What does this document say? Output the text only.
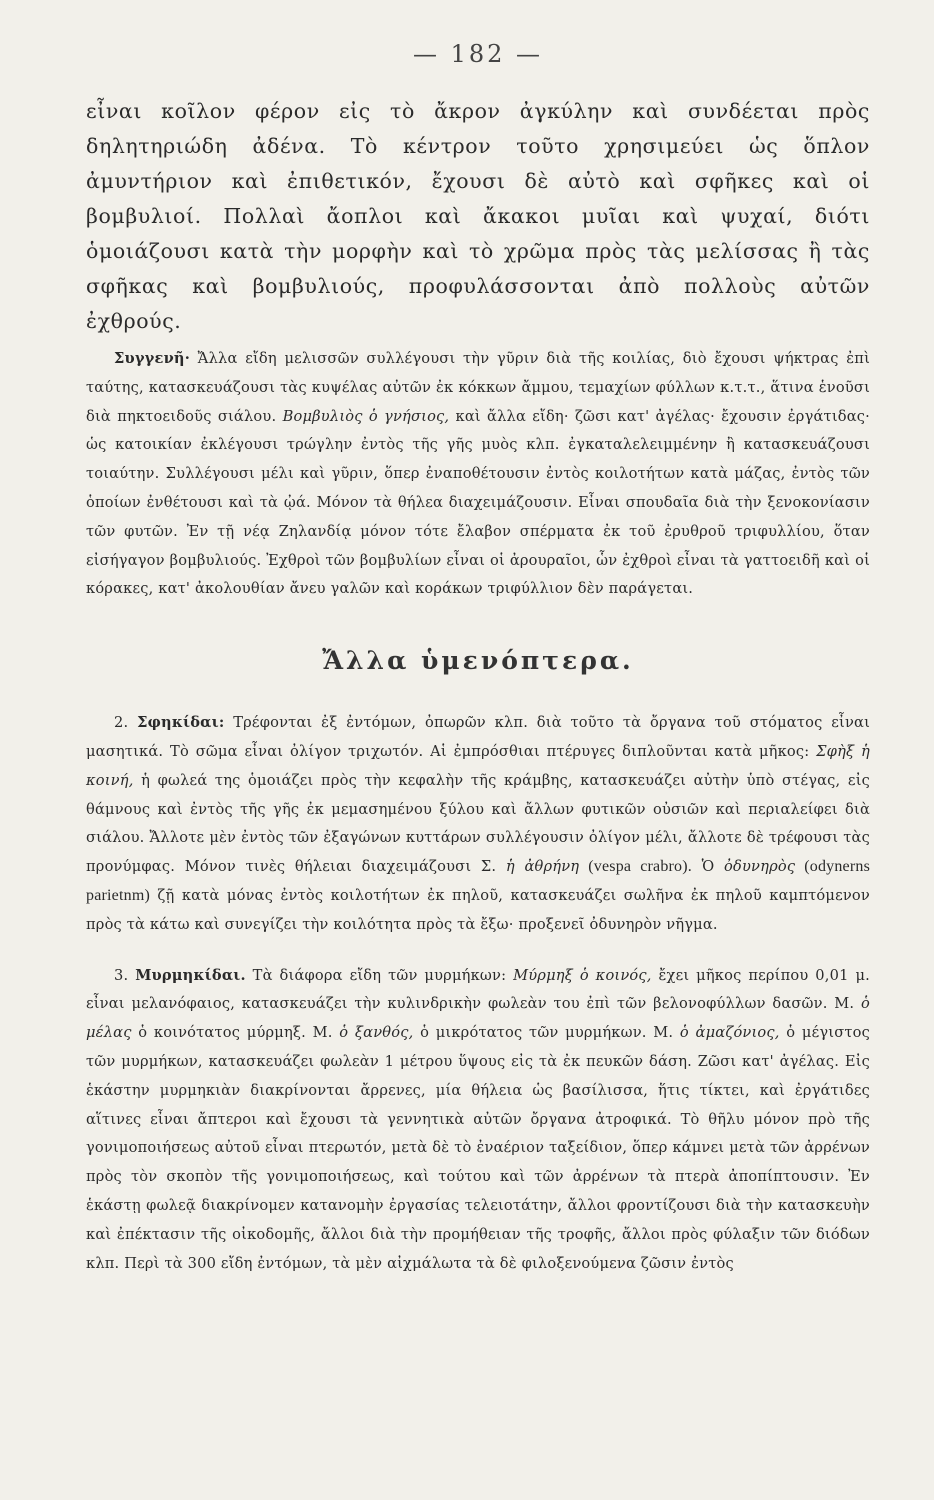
— 182 —

εἶναι κοῖλον φέρον εἰς τὸ ἄκρον ἀγκύλην καὶ συνδέεται πρὸς δηλητηριώδη ἀδένα. Τὸ κέντρον τοῦτο χρησιμεύει ὡς ὅπλον ἀμυντήριον καὶ ἐπιθετικόν, ἔχουσι δὲ αὐτὸ καὶ σφῆκες καὶ οἱ βομβυλιοί. Πολλαὶ ἄοπλοι καὶ ἄκακοι μυῖαι καὶ ψυχαί, διότι ὁμοιάζουσι κατὰ τὴν μορφὴν καὶ τὸ χρῶμα πρὸς τὰς μελίσσας ἢ τὰς σφῆκας καὶ βομβυλιούς, προφυλάσσονται ἀπὸ πολλοὺς αὐτῶν ἐχθρούς.

Συγγενῆ· Ἄλλα εἴδη μελισσῶν συλλέγουσι τὴν γῦριν διὰ τῆς κοιλίας, διὸ ἔχουσι ψήκτρας ἐπὶ ταύτης, κατασκευάζουσι τὰς κυψέλας αὐτῶν ἐκ κόκκων ἄμμου, τεμαχίων φύλλων κ.τ.τ., ἅτινα ἑνοῦσι διὰ πηκτοειδοῦς σιάλου. Βομβυλιὸς ὁ γνήσιος, καὶ ἄλλα εἴδη· ζῶσι κατ' ἀγέλας· ἔχουσιν ἐργάτιδας· ὡς κατοικίαν ἐκλέγουσι τρώγλην ἐντὸς τῆς γῆς μυὸς κλπ. ἐγκαταλελειμμένην ἢ κατασκευάζουσι τοιαύτην. Συλλέγουσι μέλι καὶ γῦριν, ὅπερ ἐναποθέτουσιν ἐντὸς κοιλοτήτων κατὰ μάζας, ἐντὸς τῶν ὁποίων ἐνθέτουσι καὶ τὰ ᾠά. Μόνον τὰ θήλεα διαχειμάζουσιν. Εἶναι σπουδαῖα διὰ τὴν ξενοκονίασιν τῶν φυτῶν. Ἐν τῇ νέᾳ Ζηλανδίᾳ μόνον τότε ἔλαβον σπέρματα ἐκ τοῦ ἐρυθροῦ τριφυλλίου, ὅταν εἰσήγαγον βομβυλιούς. Ἐχθροὶ τῶν βομβυλίων εἶναι οἱ ἀρουραῖοι, ὧν ἐχθροὶ εἶναι τὰ γαττοειδῆ καὶ οἱ κόρακες, κατ' ἀκολουθίαν ἄνευ γαλῶν καὶ κοράκων τριφύλλιον δὲν παράγεται.

Ἄλλα ὑμενόπτερα.

2. Σφηκίδαι: Τρέφονται ἐξ ἐντόμων, ὀπωρῶν κλπ. διὰ τοῦτο τὰ ὄργανα τοῦ στόματος εἶναι μασητικά. Τὸ σῶμα εἶναι ὀλίγον τριχωτόν. Αἱ ἐμπρόσθιαι πτέρυγες διπλοῦνται κατὰ μῆκος: Σφὴξ ἡ κοινή, ἡ φωλεά της ὁμοιάζει πρὸς τὴν κεφαλὴν τῆς κράμβης, κατασκευάζει αὐτὴν ὑπὸ στέγας, εἰς θάμνους καὶ ἐντὸς τῆς γῆς ἐκ μεμασημένου ξύλου καὶ ἄλλων φυτικῶν οὐσιῶν καὶ περιαλείφει διὰ σιάλου. Ἄλλοτε μὲν ἐντὸς τῶν ἐξαγώνων κυττάρων συλλέγουσιν ὀλίγον μέλι, ἄλλοτε δὲ τρέφουσι τὰς προνύμφας. Μόνον τινὲς θήλειαι διαχειμάζουσι Σ. ἡ ἀθρήνη (vespa crabro). Ὁ ὀδυνηρὸς (odynerns parietnm) ζῇ κατὰ μόνας ἐντὸς κοιλοτήτων ἐκ πηλοῦ, κατασκευάζει σωλῆνα ἐκ πηλοῦ καμπτόμενον πρὸς τὰ κάτω καὶ συνεγίζει τὴν κοιλότητα πρὸς τὰ ἔξω· προξενεῖ ὀδυνηρὸν νῆγμα.

3. Μυρμηκίδαι. Τὰ διάφορα εἴδη τῶν μυρμήκων: Μύρμηξ ὁ κοινός, ἔχει μῆκος περίπου 0,01 μ. εἶναι μελανόφαιος, κατασκευάζει τὴν κυλινδρικὴν φωλεὰν του ἐπὶ τῶν βελονοφύλλων δασῶν. Μ. ὁ μέλας ὁ κοινότατος μύρμηξ. Μ. ὁ ξανθός, ὁ μικρότατος τῶν μυρμήκων. Μ. ὁ ἀμαζόνιος, ὁ μέγιστος τῶν μυρμήκων, κατασκευάζει φωλεὰν 1 μέτρου ὕψους εἰς τὰ ἐκ πευκῶν δάση. Ζῶσι κατ' ἀγέλας. Εἰς ἑκάστην μυρμηκιὰν διακρίνονται ἄρρενες, μία θήλεια ὡς βασίλισσα, ἥτις τίκτει, καὶ ἐργάτιδες αἵτινες εἶναι ἄπτεροι καὶ ἔχουσι τὰ γεννητικὰ αὐτῶν ὄργανα ἀτροφικά. Τὸ θῆλυ μόνον πρὸ τῆς γονιμοποιήσεως αὐτοῦ εἶναι πτερωτόν, μετὰ δὲ τὸ ἐναέριον ταξείδιον, ὅπερ κάμνει μετὰ τῶν ἀρρένων πρὸς τὸν σκοπὸν τῆς γονιμοποιήσεως, καὶ τούτου καὶ τῶν ἀρρένων τὰ πτερὰ ἀποπίπτουσιν. Ἐν ἑκάστῃ φωλεᾷ διακρίνομεν κατανομὴν ἐργασίας τελειοτάτην, ἄλλοι φροντίζουσι διὰ τὴν κατασκευὴν καὶ ἐπέκτασιν τῆς οἰκοδομῆς, ἄλλοι διὰ τὴν προμήθειαν τῆς τροφῆς, ἄλλοι πρὸς φύλαξιν τῶν διόδων κλπ. Περὶ τὰ 300 εἴδη ἐντόμων, τὰ μὲν αἰχμάλωτα τὰ δὲ φιλοξενούμενα ζῶσιν ἐντὸς
